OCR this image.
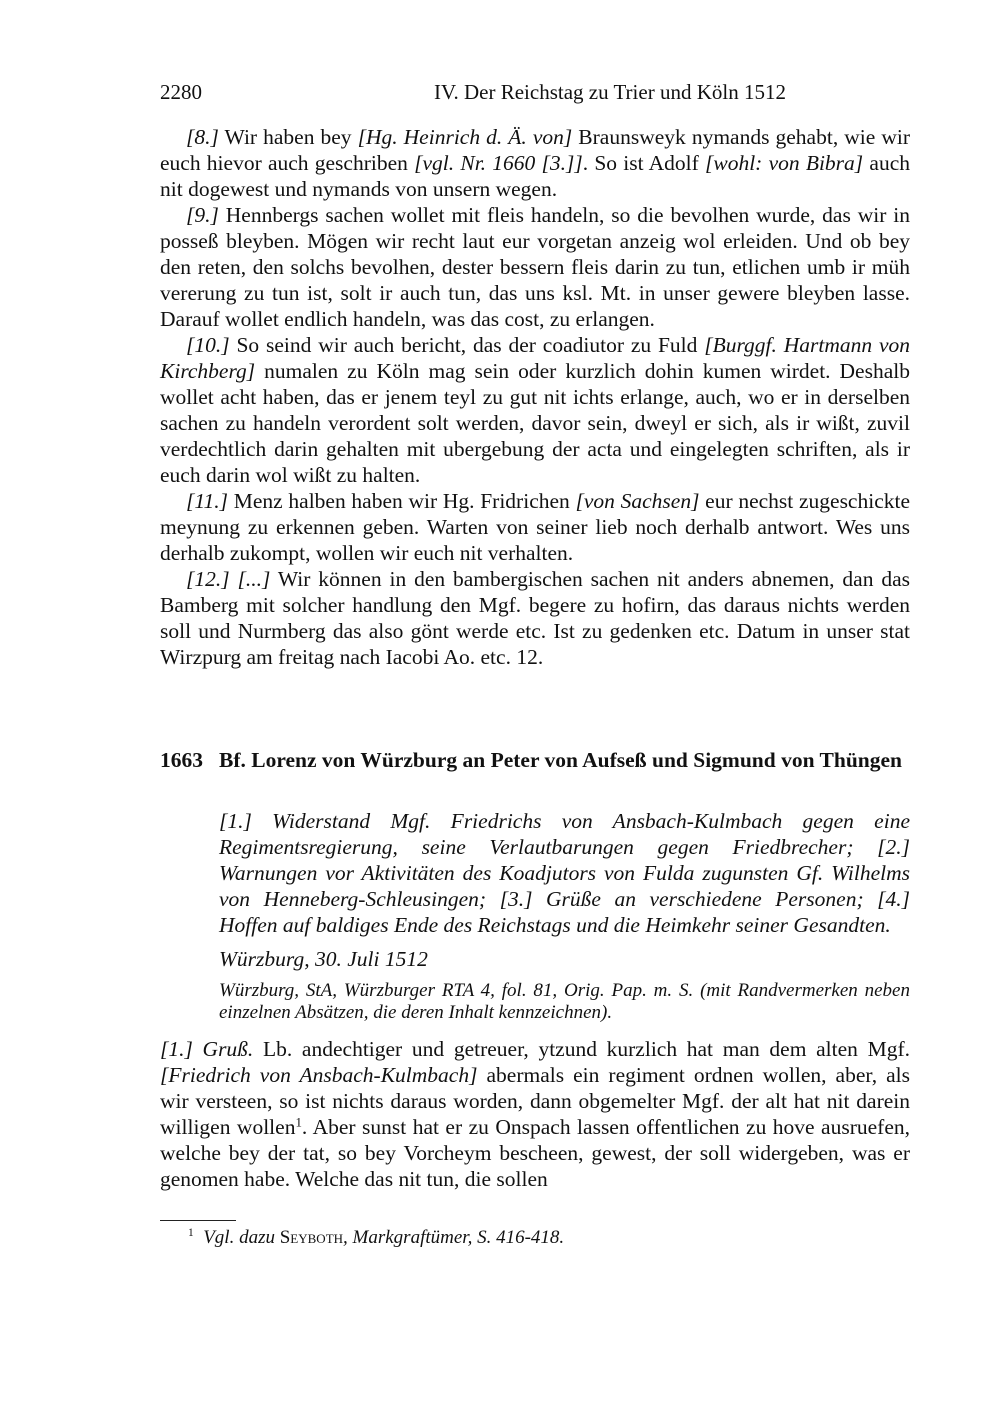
2280	IV. Der Reichstag zu Trier und Köln 1512

[8.] Wir haben bey [Hg. Heinrich d. Ä. von] Braunsweyk nymands gehabt, wie wir euch hievor auch geschriben [vgl. Nr. 1660 [3.]]. So ist Adolf [wohl: von Bibra] auch nit dogewest und nymands von unsern wegen.

[9.] Hennbergs sachen wollet mit fleis handeln, so die bevolhen wurde, das wir in posseß bleyben. Mögen wir recht laut eur vorgetan anzeig wol erleiden. Und ob bey den reten, den solchs bevolhen, dester bessern fleis darin zu tun, etlichen umb ir müh vererung zu tun ist, solt ir auch tun, das uns ksl. Mt. in unser gewere bleyben lasse. Darauf wollet endlich handeln, was das cost, zu erlangen.

[10.] So seind wir auch bericht, das der coadiutor zu Fuld [Burggf. Hartmann von Kirchberg] numalen zu Köln mag sein oder kurzlich dohin kumen wirdet. Deshalb wollet acht haben, das er jenem teyl zu gut nit ichts erlange, auch, wo er in derselben sachen zu handeln verordent solt werden, davor sein, dweyl er sich, als ir wißt, zuvil verdechtlich darin gehalten mit ubergebung der acta und eingelegten schriften, als ir euch darin wol wißt zu halten.

[11.] Menz halben haben wir Hg. Fridrichen [von Sachsen] eur nechst zugeschickte meynung zu erkennen geben. Warten von seiner lieb noch derhalb antwort. Wes uns derhalb zukompt, wollen wir euch nit verhalten.

[12.] [...] Wir können in den bambergischen sachen nit anders abnemen, dan das Bamberg mit solcher handlung den Mgf. begere zu hofirn, das daraus nichts werden soll und Nurmberg das also gönt werde etc. Ist zu gedenken etc. Datum in unser stat Wirzpurg am freitag nach Iacobi Ao. etc. 12.

1663 Bf. Lorenz von Würzburg an Peter von Aufseß und Sigmund von Thüngen
[1.] Widerstand Mgf. Friedrichs von Ansbach-Kulmbach gegen eine Regimentsregierung, seine Verlautbarungen gegen Friedbrecher; [2.] Warnungen vor Aktivitäten des Koadjutors von Fulda zugunsten Gf. Wilhelms von Henneberg-Schleusingen; [3.] Grüße an verschiedene Personen; [4.] Hoffen auf baldiges Ende des Reichstags und die Heimkehr seiner Gesandten.
Würzburg, 30. Juli 1512
Würzburg, StA, Würzburger RTA 4, fol. 81, Orig. Pap. m. S. (mit Randvermerken neben einzelnen Absätzen, die deren Inhalt kennzeichnen).

[1.] Gruß. Lb. andechtiger und getreuer, ytzund kurzlich hat man dem alten Mgf. [Friedrich von Ansbach-Kulmbach] abermals ein regiment ordnen wollen, aber, als wir versteen, so ist nichts daraus worden, dann obgemelter Mgf. der alt hat nit darein willigen wollen$^1$. Aber sunst hat er zu Onspach lassen offentlichen zu hove ausruefen, welche bey der tat, so bey Vorcheym bescheen, gewest, der soll widergeben, was er genomen habe. Welche das nit tun, die sollen

$^1$ Vgl. dazu Seyboth, Markgraftümer, S. 416-418.
